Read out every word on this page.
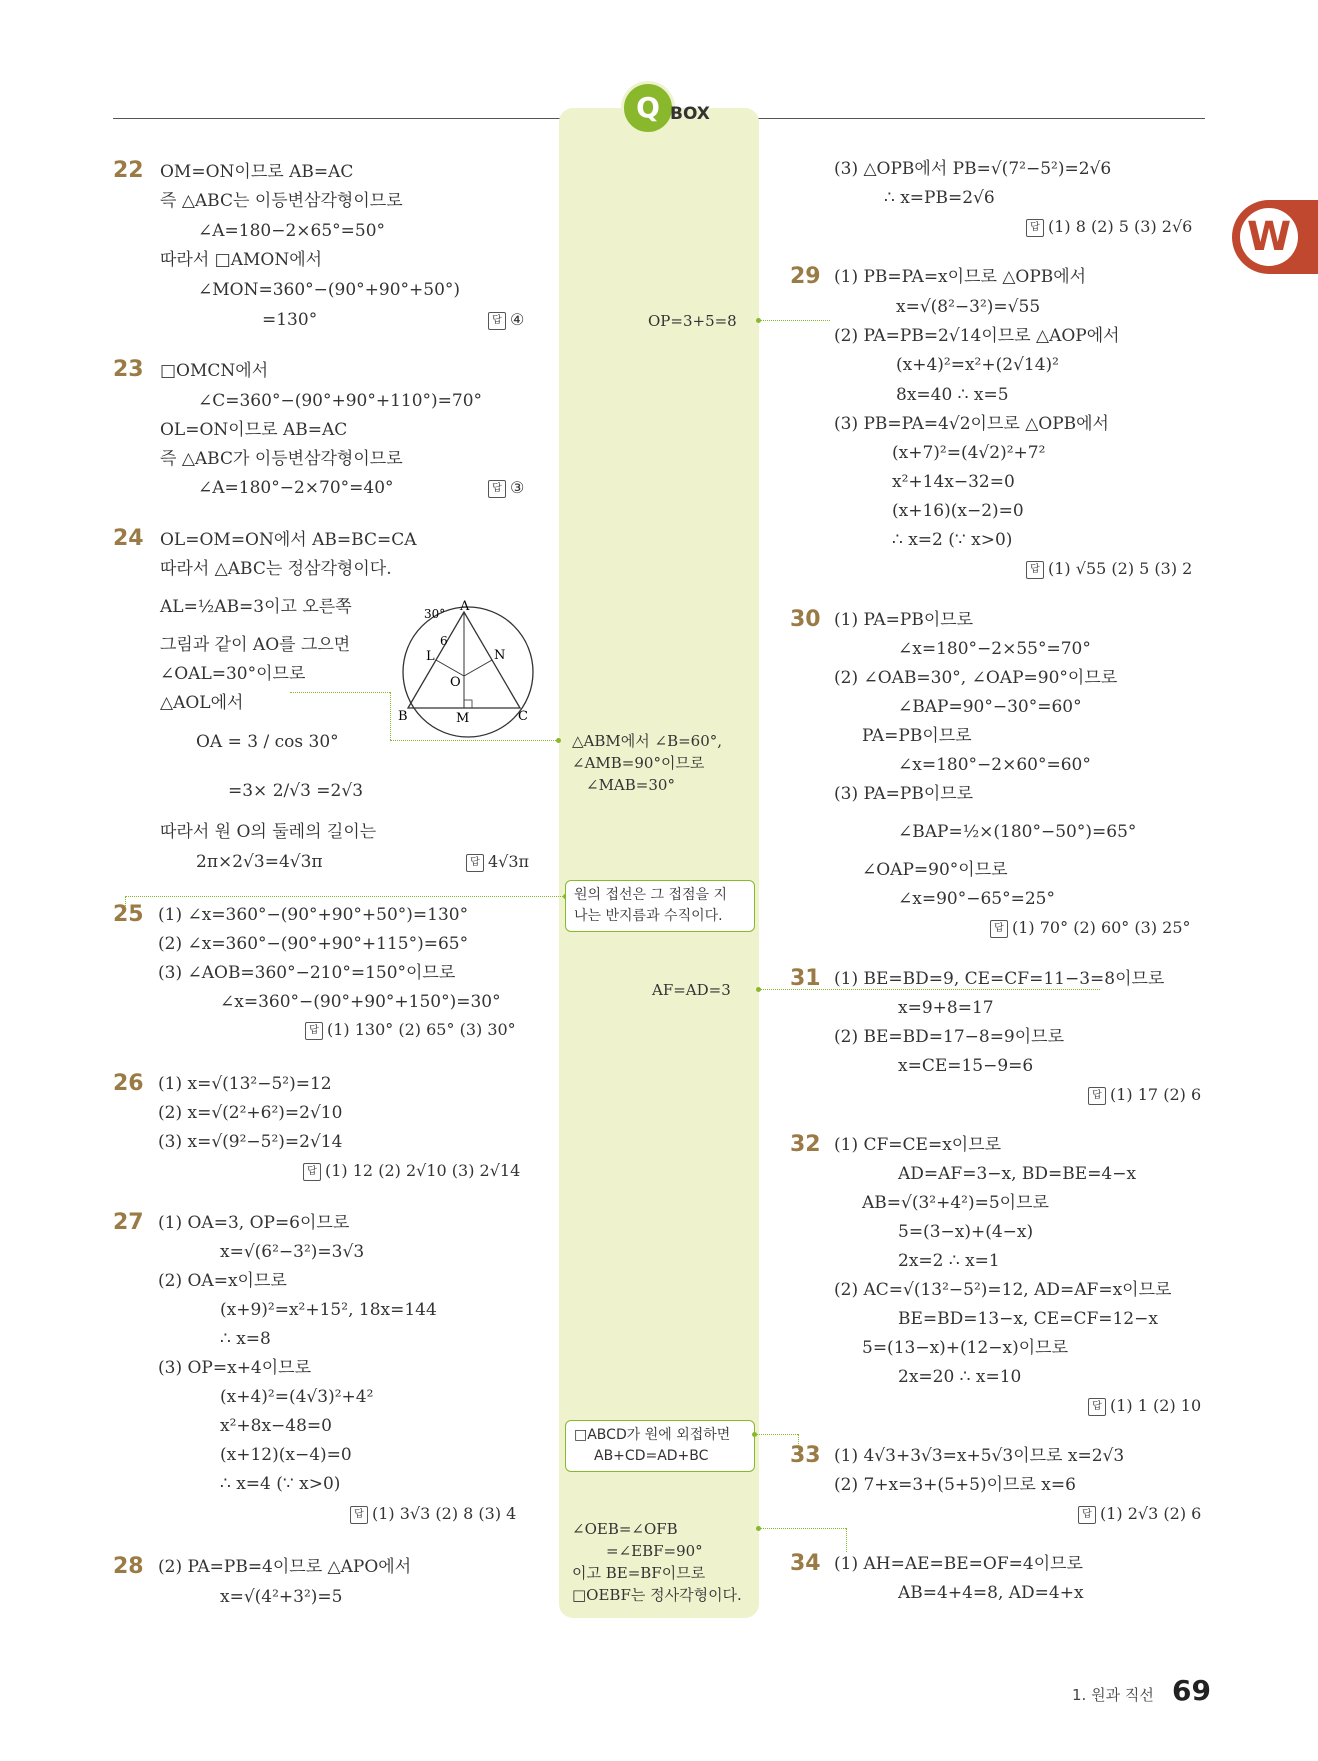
Q BOX
W
22 OM=ON이므로 AB=AC
즉 △ABC는 이등변삼각형이므로
∠A=180−2×65°=50°
따라서 □AMON에서
∠MON=360°−(90°+90°+50°)
=130°	답 ④
23 □OMCN에서
∠C=360°−(90°+90°+110°)=70°
OL=ON이므로 AB=AC
즉 △ABC가 이등변삼각형이므로
∠A=180°−2×70°=40°	답 ③
24 OL=OM=ON에서 AB=BC=CA
따라서 △ABC는 정삼각형이다.
AL=½AB=3이고 오른쪽
그림과 같이 AO를 그으면
∠OAL=30°이므로
△AOL에서
OA = 3 / cos 30°
=3× 2/√3 =2√3
따라서 원 O의 둘레의 길이는
2π×2√3=4√3π	답 4√3π
A
B	C
L
M
N
O
30°
6
25 (1) ∠x=360°−(90°+90°+50°)=130°
(2) ∠x=360°−(90°+90°+115°)=65°
(3) ∠AOB=360°−210°=150°이므로
∠x=360°−(90°+90°+150°)=30°
답 (1) 130° (2) 65° (3) 30°
26 (1) x=√(13²−5²)=12
(2) x=√(2²+6²)=2√10
(3) x=√(9²−5²)=2√14
답 (1) 12 (2) 2√10 (3) 2√14
27 (1) OA=3, OP=6이므로
x=√(6²−3²)=3√3
(2) OA=x이므로
(x+9)²=x²+15², 18x=144
∴ x=8
(3) OP=x+4이므로
(x+4)²=(4√3)²+4²
x²+8x−48=0
(x+12)(x−4)=0
∴ x=4 (∵ x>0)
답 (1) 3√3 (2) 8 (3) 4
28 (2) PA=PB=4이므로 △APO에서
x=√(4²+3²)=5
OP=3+5=8
△ABM에서 ∠B=60°,
∠AMB=90°이므로
∠MAB=30°
원의 접선은 그 접점을 지
나는 반지름과 수직이다.
AF=AD=3
□ABCD가 원에 외접하면
AB+CD=AD+BC
∠OEB=∠OFB
=∠EBF=90°
이고 BE=BF이므로
□OEBF는 정사각형이다.
(3) △OPB에서 PB=√(7²−5²)=2√6
∴ x=PB=2√6
답 (1) 8 (2) 5 (3) 2√6
29 (1) PB=PA=x이므로 △OPB에서
x=√(8²−3²)=√55
(2) PA=PB=2√14이므로 △AOP에서
(x+4)²=x²+(2√14)²
8x=40 ∴ x=5
(3) PB=PA=4√2이므로 △OPB에서
(x+7)²=(4√2)²+7²
x²+14x−32=0
(x+16)(x−2)=0
∴ x=2 (∵ x>0)
답 (1) √55 (2) 5 (3) 2
30 (1) PA=PB이므로
∠x=180°−2×55°=70°
(2) ∠OAB=30°, ∠OAP=90°이므로
∠BAP=90°−30°=60°
PA=PB이므로
∠x=180°−2×60°=60°
(3) PA=PB이므로
∠BAP=½×(180°−50°)=65°
∠OAP=90°이므로
∠x=90°−65°=25°
답 (1) 70° (2) 60° (3) 25°
31 (1) BE=BD=9, CE=CF=11−3=8이므로
x=9+8=17
(2) BE=BD=17−8=9이므로
x=CE=15−9=6
답 (1) 17 (2) 6
32 (1) CF=CE=x이므로
AD=AF=3−x, BD=BE=4−x
AB=√(3²+4²)=5이므로
5=(3−x)+(4−x)
2x=2 ∴ x=1
(2) AC=√(13²−5²)=12, AD=AF=x이므로
BE=BD=13−x, CE=CF=12−x
5=(13−x)+(12−x)이므로
2x=20 ∴ x=10
답 (1) 1 (2) 10
33 (1) 4√3+3√3=x+5√3이므로 x=2√3
(2) 7+x=3+(5+5)이므로 x=6
답 (1) 2√3 (2) 6
34 (1) AH=AE=BE=OF=4이므로
AB=4+4=8, AD=4+x
1. 원과 직선 69
